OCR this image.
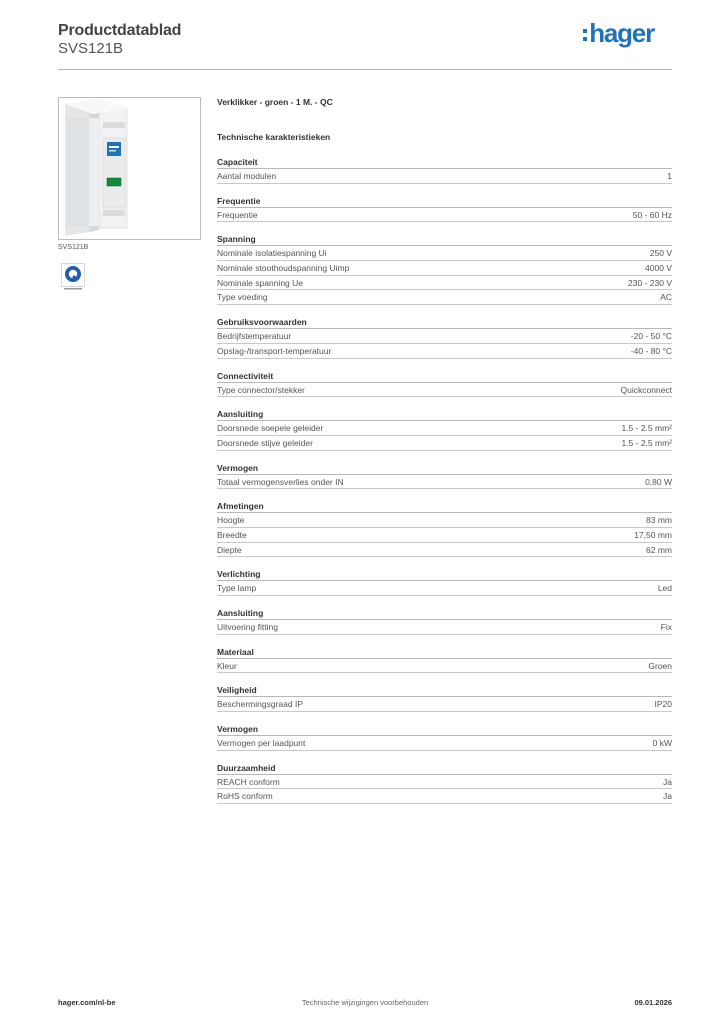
Productdatablad
SVS121B
hager
SVS121B
Verklikker - groen - 1 M. - QC
Technische karakteristieken
Capaciteit
Aantal modulen	1
Frequentie
Frequentie	50 - 60 Hz
Spanning
Nominale isolatiespanning Ui	250 V
Nominale stoothoudspanning Uimp	4000 V
Nominale spanning Ue	230 - 230 V
Type voeding	AC
Gebruiksvoorwaarden
Bedrijfstemperatuur	-20 - 50 °C
Opslag-/transport-temperatuur	-40 - 80 °C
Connectiviteit
Type connector/stekker	Quickconnect
Aansluiting
Doorsnede soepele geleider	1.5 - 2.5 mm²
Doorsnede stijve geleider	1.5 - 2.5 mm²
Vermogen
Totaal vermogensverlies onder IN	0,80 W
Afmetingen
Hoogte	83 mm
Breedte	17,50 mm
Diepte	62 mm
Verlichting
Type lamp	Led
Aansluiting
Uitvoering fitting	Fix
Materiaal
Kleur	Groen
Veiligheid
Beschermingsgraad IP	IP20
Vermogen
Vermogen per laadpunt	0 kW
Duurzaamheid
REACH conform	Ja
RoHS conform	Ja
hager.com/nl-be	Technische wijzigingen voorbehouden	09.01.2026
